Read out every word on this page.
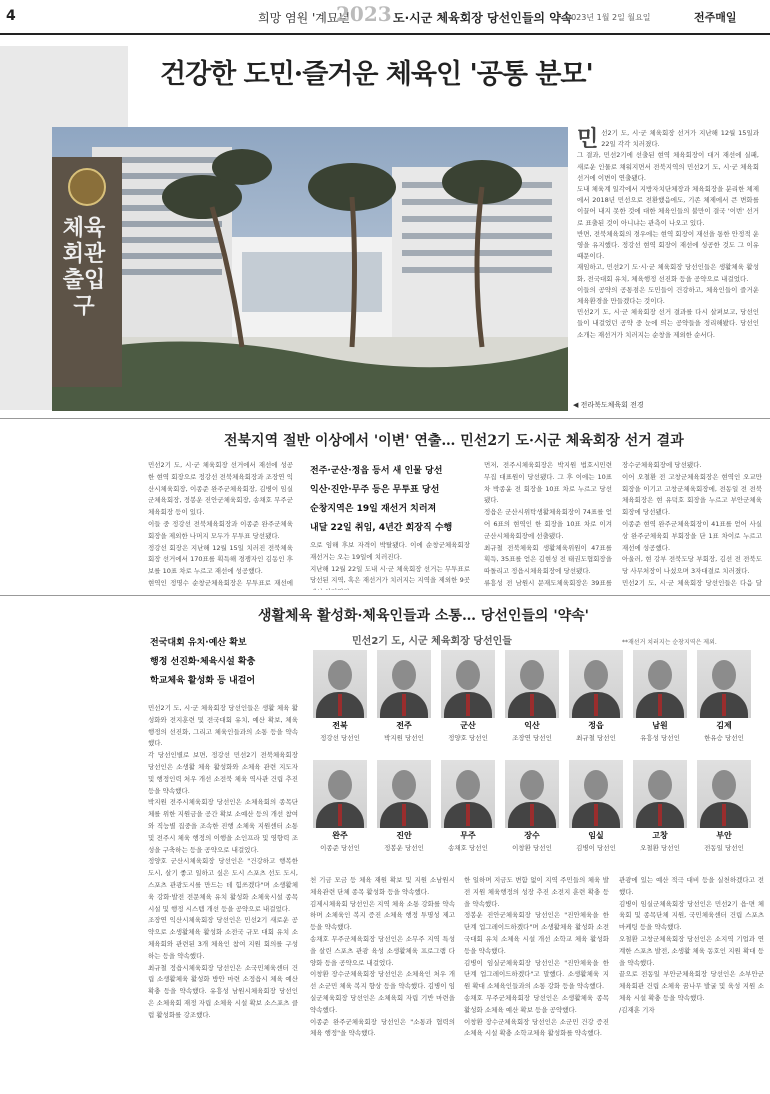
4	희망 염원 '계묘년'
2023 도·시군 체육회장 당선인들의 약속
2023년 1월 2일 월요일	전주매일
건강한 도민·즐거운 체육인 '공통 분모'
체육회관 출입구
◀ 전라북도체육회 전경
민선2기 도, 시·군 체육회장 선거가 지난해 12월 15일과 22일 각각 치러졌다.
그 결과, 민선2기에 선출된 현역 체육회장이 대거 재선에 실패, 새로운 인물로 채워지면서 전북지역의 민선2기 도, 시·군 체육회 선거에 이변이 연출됐다.
도내 체육계 일각에서 지방자치단체장과 체육회장을 분리한 체제에서 2018년 민선으로 전환했음에도, 기존 체제에서 큰 변화를 이끌어 내지 못한 것에 대한 체육인들의 불만이 결국 '이번' 선거로 표출된 것이 아니냐는 관측이 나오고 있다.
반면, 전북체육회의 경우에는 현역 회장이 재선을 통한 안정적 운영을 유지했다. 정강선 현역 회장이 재선에 성공한 것도 그 이유 때문이다.
재임하고, 민선2기 도·시·군 체육회장 당선인들은 생활체육 활성화, 전국대회 유치, 체육행정 선진화 등을 공약으로 내걸었다.
이들의 공약의 공통점은 도민들이 건강하고, 체육인들이 즐거운 체육환경을 만들겠다는 것이다.
민선2기 도, 시·군 체육회장 선거 결과를 다시 살펴보고, 당선인들이 내걸었던 공약 중 눈에 띄는 공약들을 정리해봤다. 당선인 소개는 재선거가 치러지는 순창을 제외한 순서다.
전북지역 절반 이상에서 '이변' 연출… 민선2기 도·시군 체육회장 선거 결과
민선2기 도, 시·군 체육회장 선거에서 재선에 성공한 현역 회장으로 정강선 전북체육회장과 조장연 익산시체육회장, 이종준 완주군체육회장, 김병이 임실군체육회장, 정봉운 진안군체육회장, 송채호 무주군체육회장 등이 있다.
이들 중 정강선 전북체육회장과 이종준 완주군체육회장을 제외한 나머지 모두가 무투표 당선됐다.
정강선 회장은 지난해 12월 15일 치러진 전북체육회장 선거에서 170표를 획득해 경쟁자인 김동인 후보를 10표 차로 누르고 재선에 성공했다.
현역인 정명수 순창군체육회장은 무투표로 재선에
전주·군산·정읍 등서 새 인물 당선
익산·진안·무주 등은 무투표 당선
순창지역은 19일 재선거 치러져
내달 22일 취임, 4년간 회장직 수행
으로 임해 후보 자격이 박탈됐다. 이에 순창군체육회장 재선거는 오는 19일에 치러진다.
지난해 12월 22일 도내 시·군 체육회장 선거는 무투표로 당선된 지역, 혹은 재선거가 치러지는 지역을 제외한 9곳

먼저, 전주시체육회장은 박지원 법호시민련 무집 대표원이 당선됐다. 그 후 이에는 10표 차 박종윤 전 회장을 10표 차로 누르고 당선됐다.
정읍은 군산시위탁생활체육회장이 74표를 얻어 6표의 현역인 한 회장을 10표 차로 이겨 군산시체육회장에 선출됐다.
최규철 전북체육회 생활체육위원이 47표를 획득, 35표를 얻은 김현성 전 태권도협회장을 따돌리고 정읍시체육회장에 당선됐다.
류흥성 전 남원시 문재도체육회장은 39표를
장수군체육회장에 당선됐다.
이어 오철환 전 고창군체육회장은 현역인 오교만 회장을 이기고 고창군체육회장에, 전동일 전 전북체육회장은 현 유덕호 회장을 누르고 부안군체육회장에 당선됐다.
이종준 현역 완주군체육회장이 41표를 얻어 사실상 완주군체육회 부회장을 단 1표 차이로 누르고 재선에 성공했다.
아울러, 현 강부 전북도당 부회장, 김선 전 전북도당 사무처장이 나섰으며 3자대결로 치러졌다.
민선2기 도, 시·군 체육회장 당선인들은 다음 달
생활체육 활성화·체육인들과 소통… 당선인들의 '약속'
전국대회 유치·예산 확보
행정 선진화·체육시설 확충
학교체육 활성화 등 내걸어
민선2기 도, 시·군 체육회장 당선인들은 생활 체육 활성화와 전지훈련 및 전국대회 유치, 예산 확보, 체육행정의 선진화, 그리고 체육인들과의 소통 등을 약속했다.
각 당선인별로 보면, 정강선 민선2기 전북체육회장 당선인은 소생활 체육 활성화와 소체육 관련 지도자 및 행정인력 처우 개선 소전북 체육 역사관 건립 추진 등을 약속했다.
박지원 전주시체육회장 당선인은 소체육회의 종목단체를 위한 지원금을 공간 확보 소예산 등의 개선 참여와 직능별 집중을 조속한 진행 소체육 지원센터 소통 및 전주시 체육 행정의 이행을 소인프라 및 영향력 조성을 구축하는 등을 공약으로 내걸었다.
정양호 군산시체육회장 당선인은 "건강하고 행복한 도시, 살기 좋고 일하고 싶은 도시 스포츠 선도 도시, 스포츠 관광도시를 만드는 데 힘쓰겠다"며 소생활체육 강화·발전 전문체육 유치 활성화 소체육시설 종목시설 및 행정 시스템 개선 등을 공약으로 내걸었다.
조장연 익산시체육회장 당선인은 민선2기 새로운 공약으로 소생활체육 활성화 소전국 규모 대회 유치 소체육회와 관련된 3개 체육인 참여 지원 회의를 구성하는 등을 약속했다.
최규철 정읍시체육회장 당선인은 소국민체육센터 건립 소생활체육 활성화 방안 마련 소정읍시 체육 예산 확충 등을 약속했다. 유흥성 남원시체육회장 당선인은 소체육회 재정 자립 소체육 시설 확보 소스포츠 클럽 활성화를 강조했다.
민선2기 도, 시군 체육회장 당선인들	**재선거 치러지는 순창지역은 제외.
전북
정강선 당선인
전주
박지원 당선인
군산
정양호 당선인
익산
조장연 당선인
정읍
최규철 당선인
남원
유흥성 당선인
김제
한유승 당선인
완주
이종준 당선인
진안
정봉운 당선인
무주
송채호 당선인
장수
이창환 당선인
임실
김병이 당선인
고창
오철환 당선인
부안
전동일 당선인
천 기금 모금 등 체육 재원 확보 및 지원 소남원시 체육관련 단체 종목 활성화 등을 약속했다.
김제시체육회 당선인은 지역 체육 소통 강화를 약속하며 소체육인 복지 증진 소체육 행정 투명성 제고 등을 약속했다.
송채호 무주군체육회장 당선인은 소무주 지역 특성을 살린 스포츠 관광 육성 소생활체육 프로그램 다양화 등을 공약으로 내걸었다.
이창환 장수군체육회장 당선인은 소체육인 처우 개선 소군민 체육 복지 향상 등을 약속했다. 김병이 임실군체육회장 당선인은 소체육회 자립 기반 마련을 약속했다.
이종준 완주군체육회장 당선인은 "소통과 협력의 체육 행정"을 약속했다.
한 일하며 지금도 변함 없이 지역 주민들의 체육 발전 지원 체육행정의 성장 추진 소전지 훈련 확충 등을 약속했다.
정봉운 진안군체육회장 당선인은 "진안체육을 한 단계 업그레이드하겠다"며 소생활체육 활성화 소전국대회 유치 소체육 시설 개선 소학교 체육 활성화 등을 약속했다.
김병이 임실군체육회장 당선인은 "진안체육을 한 단계 업그레이드하겠다"고 말했다. 소생활체육 지원 확대 소체육인들과의 소통 강화 등을 약속했다.
송채호 무주군체육회장 당선인은 소생활체육 종목 활성화 소체육 예산 확보 등을 공약했다.
이창환 장수군체육회장 당선인은 소군민 건강 증진 소체육 시설 확충 소학교체육 활성화를 약속했다.
관광에 있는 예산 적극 대비 등을 실천하겠다고 전했다.
김병이 임실군체육회장 당선인은 민선2기 읍·면 체육회 및 종목단체 지원, 국민체육센터 건립 스포츠 마케팅 등을 약속했다.
오철환 고창군체육회장 당선인은 소지역 기업과 연계한 스포츠 발전, 소생활 체육 동호인 지원 확대 등을 약속했다.
끝으로 전동일 부안군체육회장 당선인은 소부안군 체육회관 건립 소체육 꿈나무 발굴 및 육성 지원 소체육 시설 확충 등을 약속했다.
/김재훈 기자
